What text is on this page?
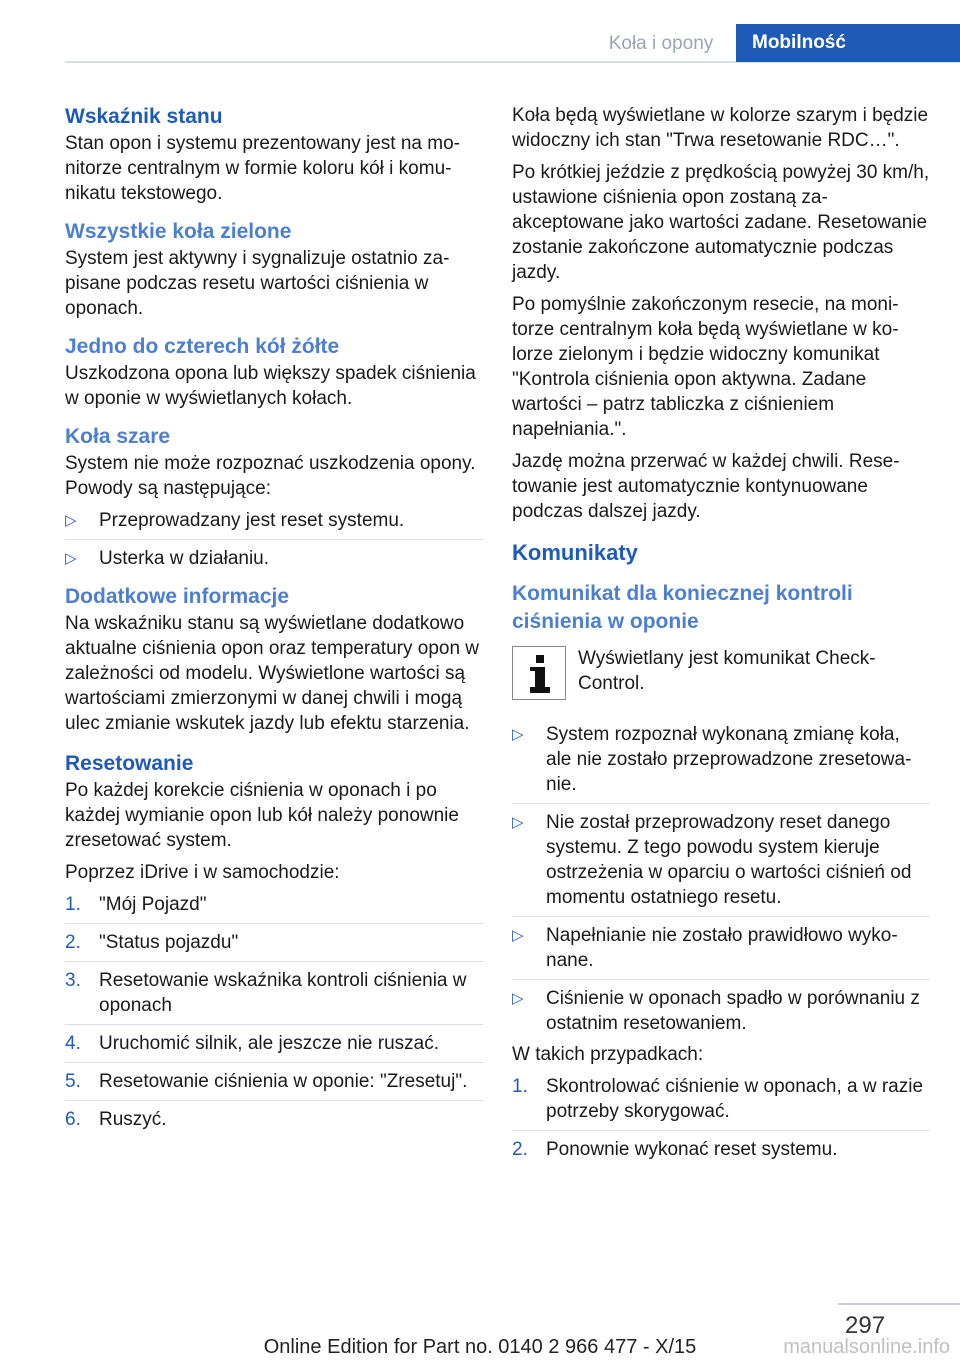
Koła i opony	Mobilność
Wskaźnik stanu

Stan opon i systemu prezentowany jest na monitorze centralnym w formie koloru kół i komunikatu tekstowego.

Wszystkie koła zielone

System jest aktywny i sygnalizuje ostatnio zapisane podczas resetu wartości ciśnienia w oponach.

Jedno do czterech kół żółte

Uszkodzona opona lub większy spadek ciśnienia w oponie w wyświetlanych kołach.

Koła szare

System nie może rozpoznać uszkodzenia opony. Powody są następujące:

▷ Przeprowadzany jest reset systemu.
▷ Usterka w działaniu.
Dodatkowe informacje

Na wskaźniku stanu są wyświetlane dodatkowo aktualne ciśnienia opon oraz temperatury opon w zależności od modelu. Wyświetlone wartości są wartościami zmierzonymi w danej chwili i mogą ulec zmianie wskutek jazdy lub efektu starzenia.

Resetowanie

Po każdej korekcie ciśnienia w oponach i po każdej wymianie opon lub kół należy ponownie zresetować system.

Poprzez iDrive i w samochodzie:

1. "Mój Pojazd"
2. "Status pojazdu"
3. Resetowanie wskaźnika kontroli ciśnienia w oponach
4. Uruchomić silnik, ale jeszcze nie ruszać.
5. Resetowanie ciśnienia w oponie: "Zresetuj".
6. Ruszyć.

Koła będą wyświetlane w kolorze szarym i będzie widoczny ich stan "Trwa resetowanie RDC…".

Po krótkiej jeździe z prędkością powyżej 30 km/h, ustawione ciśnienia opon zostaną zaakceptowane jako wartości zadane. Resetowanie zostanie zakończone automatycznie podczas jazdy.

Po pomyślnie zakończonym resecie, na monitorze centralnym koła będą wyświetlane w kolorze zielonym i będzie widoczny komunikat "Kontrola ciśnienia opon aktywna. Zadane wartości – patrz tabliczka z ciśnieniem napełniania.".

Jazdę można przerwać w każdej chwili. Resetowanie jest automatycznie kontynuowane podczas dalszej jazdy.

Komunikaty
Komunikat dla koniecznej kontroli ciśnienia w oponie
Wyświetlany jest komunikat Check-Control.
▷ System rozpoznał wykonaną zmianę koła, ale nie zostało przeprowadzone zresetowanie.
▷ Nie został przeprowadzony reset danego systemu. Z tego powodu system kieruje ostrzeżenia w oparciu o wartości ciśnień od momentu ostatniego resetu.
▷ Napełnianie nie zostało prawidłowo wykonane.
▷ Ciśnienie w oponach spadło w porównaniu z ostatnim resetowaniem.

W takich przypadkach:

1. Skontrolować ciśnienie w oponach, a w razie potrzeby skorygować.
2. Ponownie wykonać reset systemu.
297
Online Edition for Part no. 0140 2 966 477 - X/15	manualsonline.info
